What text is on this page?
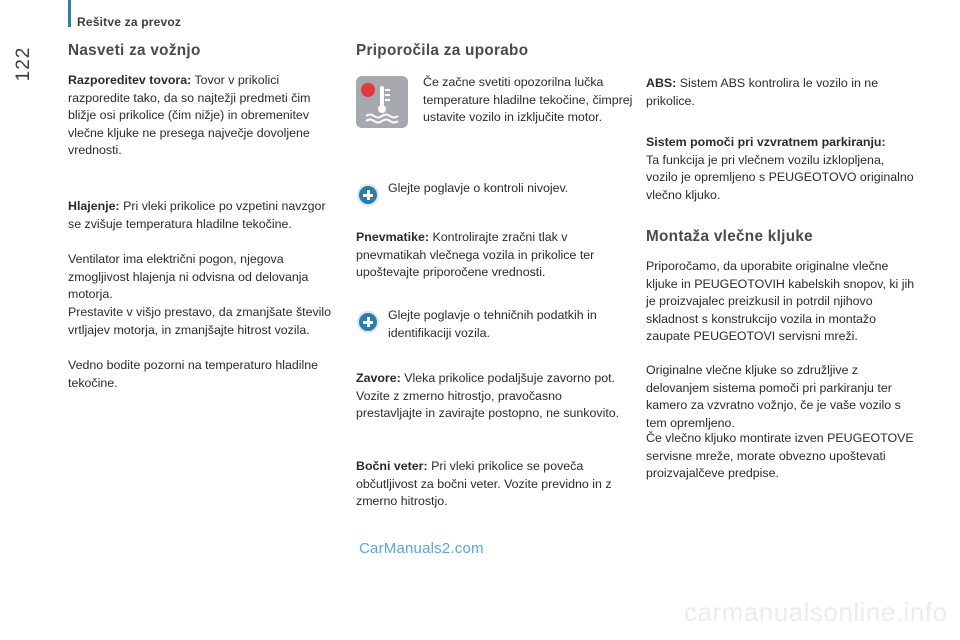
Rešitve za prevoz
122	Nasveti za vožnjo

Razporeditev tovora: Tovor v prikolici razporedite tako, da so najtežji predmeti čim bližje osi prikolice (čim nižje) in obremenitev vlečne kljuke ne presega največje dovoljene vrednosti.

Hlajenje: Pri vleki prikolice po vzpetini navzgor se zvišuje temperatura hladilne tekočine.

Ventilator ima električni pogon, njegova zmogljivost hlajenja ni odvisna od delovanja motorja.

Prestavite v višjo prestavo, da zmanjšate število vrtljajev motorja, in zmanjšajte hitrost vozila.

Vedno bodite pozorni na temperaturo hladilne tekočine.

Priporočila za uporabo

Če začne svetiti opozorilna lučka temperature hladilne tekočine, čimprej ustavite vozilo in izključite motor.

Glejte poglavje o kontroli nivojev.

Pnevmatike: Kontrolirajte zračni tlak v pnevmatikah vlečnega vozila in prikolice ter upoštevajte priporočene vrednosti.

Glejte poglavje o tehničnih podatkih in identifikaciji vozila.

Zavore: Vleka prikolice podaljšuje zavorno pot. Vozite z zmerno hitrostjo, pravočasno prestavljajte in zavirajte postopno, ne sunkovito.

Bočni veter: Pri vleki prikolice se poveča občutljivost za bočni veter. Vozite previdno in z zmerno hitrostjo.

ABS: Sistem ABS kontrolira le vozilo in ne prikolice.

Sistem pomoči pri vzvratnem parkiranju:
Ta funkcija je pri vlečnem vozilu izklopljena, vozilo je opremljeno s PEUGEOTOVO originalno vlečno kljuko.

Montaža vlečne kljuke

Priporočamo, da uporabite originalne vlečne kljuke in PEUGEOTOVIH kabelskih snopov, ki jih je proizvajalec preizkusil in potrdil njihovo skladnost s konstrukcijo vozila in montažo zaupate PEUGEOTOVI servisni mreži.

Originalne vlečne kljuke so združljive z delovanjem sistema pomoči pri parkiranju ter kamero za vzvratno vožnjo, če je vaše vozilo s tem opremljeno.

Če vlečno kljuko montirate izven PEUGEOTOVE servisne mreže, morate obvezno upoštevati proizvajalčeve predpise.

CarManuals2.com
carmanualsonline.info
